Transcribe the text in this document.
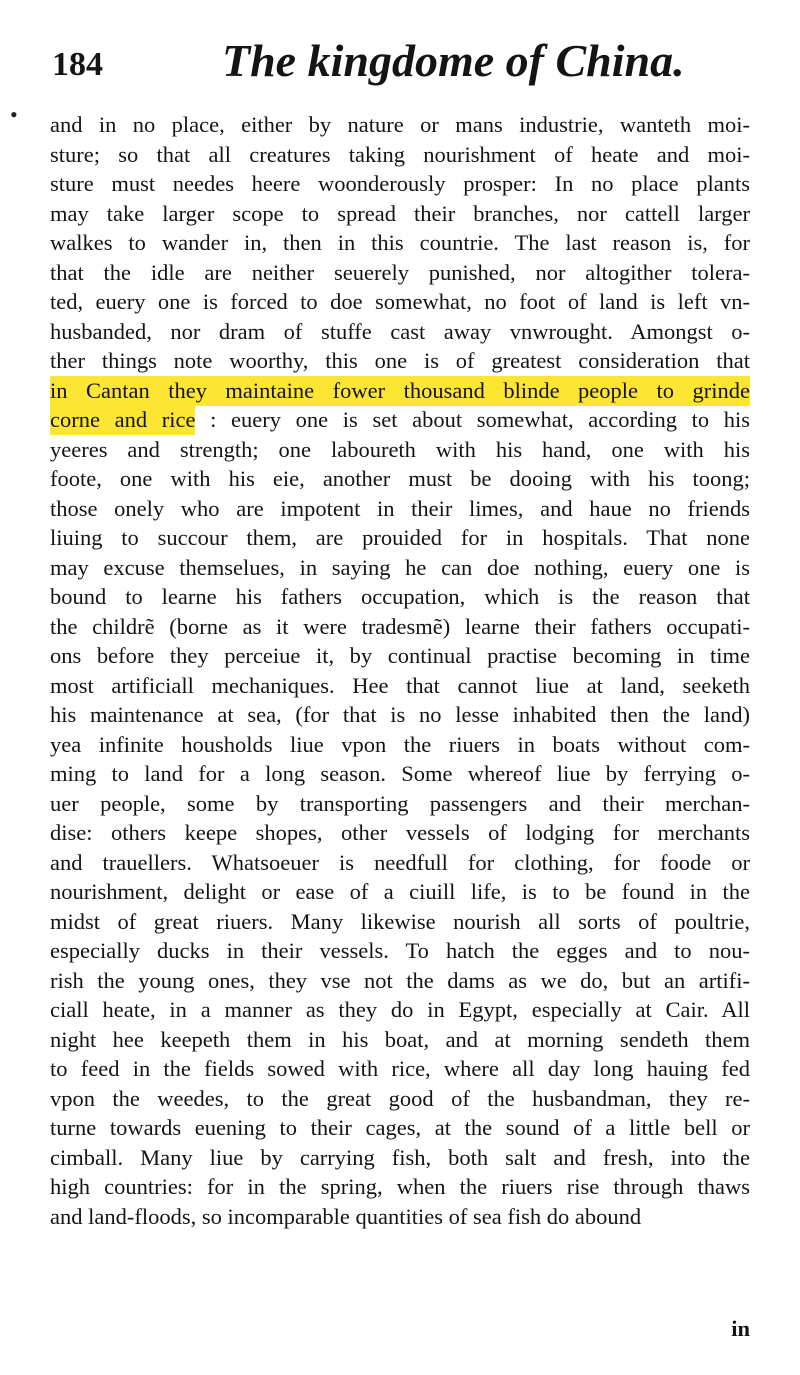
184	The kingdome of China.
• and in no place, either by nature or mans industrie, wanteth moi-
sture; so that all creatures taking nourishment of heate and moi-
sture must needes heere woonderously prosper: In no place plants
may take larger scope to spread their branches, nor cattell larger
walkes to wander in, then in this countrie. The last reason is, for
that the idle are neither seuerely punished, nor altogither tolera-
ted, euery one is forced to doe somewhat, no foot of land is left vn-
husbanded, nor dram of stuffe cast away vnwrought. Amongst o-
ther things note woorthy, this one is of greatest consideration that
in Cantan they maintaine fower thousand blinde people to grinde
corne and rice : euery one is set about somewhat, according to his
yeeres and strength; one laboureth with his hand, one with his
foote, one with his eie, another must be dooing with his toong;
those onely who are impotent in their limes, and haue no friends
liuing to succour them, are prouided for in hospitals. That none
may excuse themselues, in saying he can doe nothing, euery one is
bound to learne his fathers occupation, which is the reason that
the childrẽ (borne as it were tradesmẽ) learne their fathers occupati-
ons before they perceiue it, by continual practise becoming in time
most artificiall mechaniques. Hee that cannot liue at land, seeketh
his maintenance at sea, (for that is no lesse inhabited then the land)
yea infinite housholds liue vpon the riuers in boats without com-
ming to land for a long season. Some whereof liue by ferrying o-
uer people, some by transporting passengers and their merchan-
dise: others keepe shopes, other vessels of lodging for merchants
and trauellers. Whatsoeuer is needfull for clothing, for foode or
nourishment, delight or ease of a ciuill life, is to be found in the
midst of great riuers. Many likewise nourish all sorts of poultrie,
especially ducks in their vessels. To hatch the egges and to nou-
rish the young ones, they vse not the dams as we do, but an artifi-
ciall heate, in a manner as they do in Egypt, especially at Cair. All
night hee keepeth them in his boat, and at morning sendeth them
to feed in the fields sowed with rice, where all day long hauing fed
vpon the weedes, to the great good of the husbandman, they re-
turne towards euening to their cages, at the sound of a little bell or
cimball. Many liue by carrying fish, both salt and fresh, into the
high countries: for in the spring, when the riuers rise through thaws
and land-floods, so incomparable quantities of sea fish do abound
in
